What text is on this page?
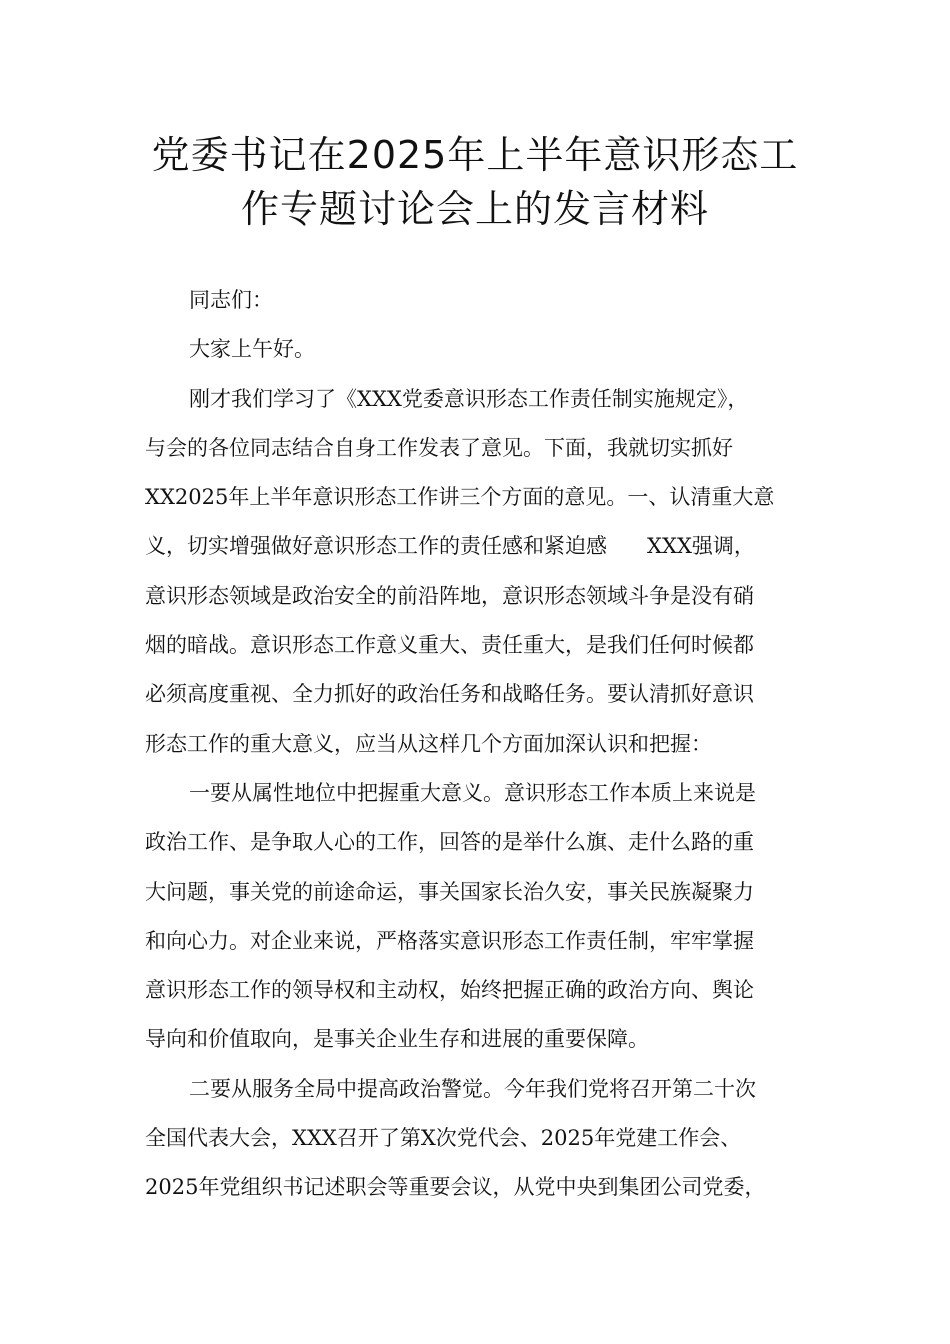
党委书记在2025年上半年意识形态工
作专题讨论会上的发言材料
同志们：
大家上午好。
刚才我们学习了《XXX党委意识形态工作责任制实施规定》，
与会的各位同志结合自身工作发表了意见。下面，我就切实抓好
XX2025年上半年意识形态工作讲三个方面的意见。一、认清重大意
义，切实增强做好意识形态工作的责任感和紧迫感      XXX强调，
意识形态领域是政治安全的前沿阵地，意识形态领域斗争是没有硝
烟的暗战。意识形态工作意义重大、责任重大，是我们任何时候都
必须高度重视、全力抓好的政治任务和战略任务。要认清抓好意识
形态工作的重大意义，应当从这样几个方面加深认识和把握：
一要从属性地位中把握重大意义。意识形态工作本质上来说是
政治工作、是争取人心的工作，回答的是举什么旗、走什么路的重
大问题，事关党的前途命运，事关国家长治久安，事关民族凝聚力
和向心力。对企业来说，严格落实意识形态工作责任制，牢牢掌握
意识形态工作的领导权和主动权，始终把握正确的政治方向、舆论
导向和价值取向，是事关企业生存和进展的重要保障。
二要从服务全局中提高政治警觉。今年我们党将召开第二十次
全国代表大会，XXX召开了第X次党代会、2025年党建工作会、
2025年党组织书记述职会等重要会议，从党中央到集团公司党委，
